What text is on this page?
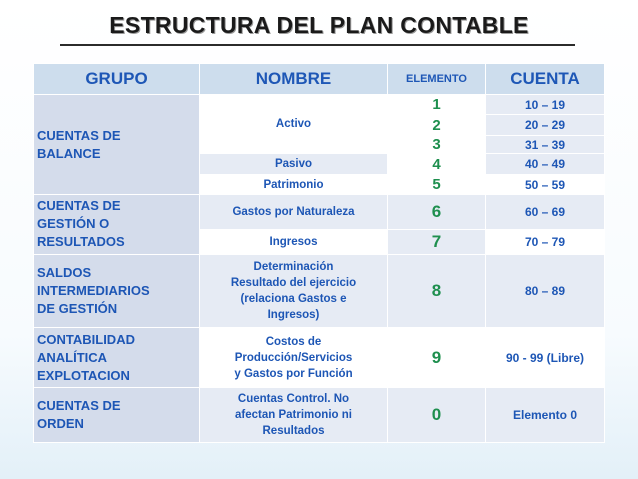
ESTRUCTURA DEL PLAN CONTABLE
GRUPO	NOMBRE	ELEMENTO	CUENTA
CUENTAS DE
BALANCE	Activo	1	10 – 19
		2	20 – 29
		3	31 – 39
	Pasivo	4	40 – 49
	Patrimonio	5	50 – 59
CUENTAS DE
GESTIÓN O
RESULTADOS	Gastos por Naturaleza	6	60 – 69
	Ingresos	7	70 – 79
SALDOS
INTERMEDIARIOS
DE GESTIÓN	Determinación
Resultado del ejercicio
(relaciona Gastos e
Ingresos)	8	80 – 89
CONTABILIDAD
ANALÍTICA
EXPLOTACION	Costos de
Producción/Servicios
y Gastos por Función	9	90 - 99 (Libre)
CUENTAS DE
ORDEN	Cuentas Control. No
afectan Patrimonio ni
Resultados	0	Elemento 0
